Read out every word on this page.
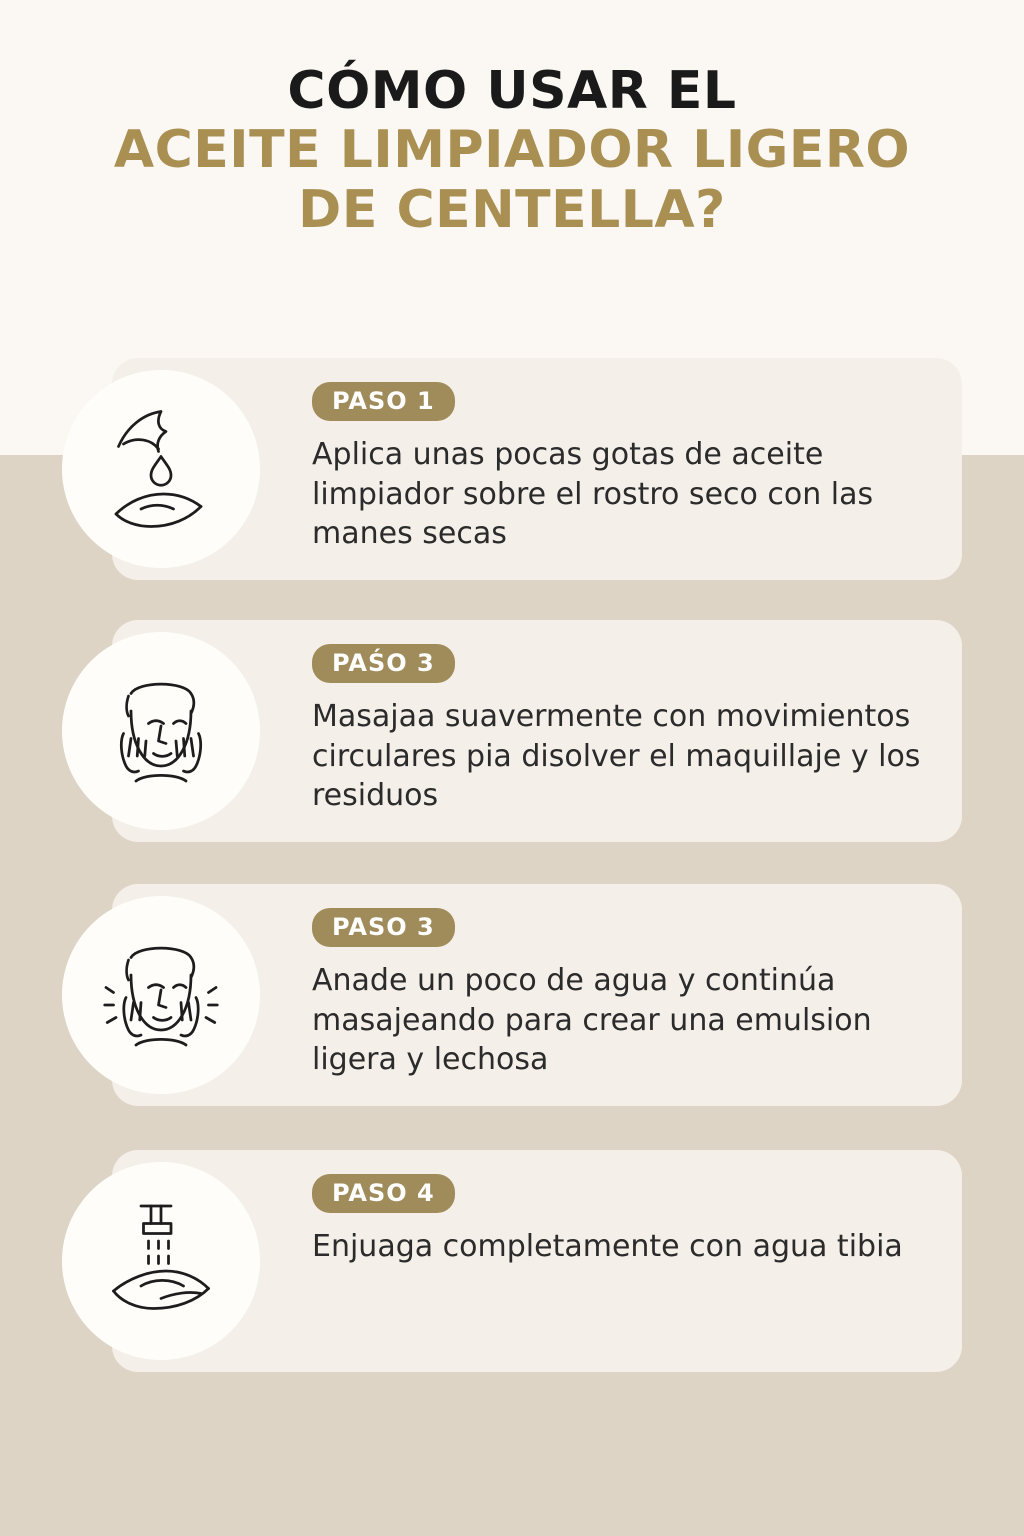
CÓMO USAR EL
ACEITE LIMPIADOR LIGERO
DE CENTELLA?
PASO 1
Aplica unas pocas gotas de aceite limpiador sobre el rostro seco con las manes secas
PAŚO 3
Masajaa suavermente con movimientos circulares pia disolver el maquillaje y los residuos
PASO 3
Anade un poco de agua y continúa masajeando para crear una emulsion ligera y lechosa
PASO 4
Enjuaga completamente con agua tibia
